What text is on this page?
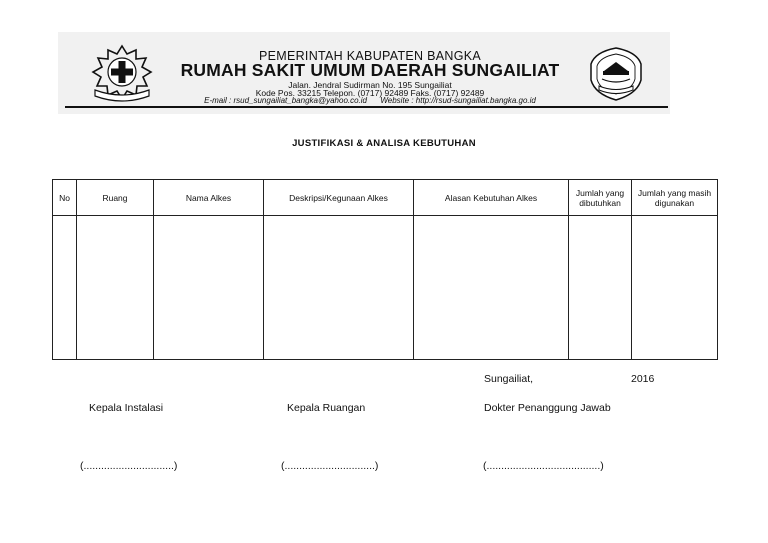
PEMERINTAH KABUPATEN BANGKA
RUMAH SAKIT UMUM DAERAH SUNGAILIAT
Jalan. Jendral Sudirman No. 195 Sungailiat
Kode Pos. 33215 Telepon. (0717) 92489 Faks. (0717) 92489
E-mail : rsud_sungailiat_bangka@yahoo.co.id Website : http://rsud-sungailiat.bangka.go.id
JUSTIFIKASI & ANALISA KEBUTUHAN
No	Ruang	Nama Alkes	Deskripsi/Kegunaan Alkes	Alasan Kebutuhan Alkes	Jumlah yang dibutuhkan	Jumlah yang masih digunakan

Sungailiat,	2016
Kepala Instalasi	Kepala Ruangan	Dokter Penanggung Jawab
(...............................)	(...............................)	(.......................................)
